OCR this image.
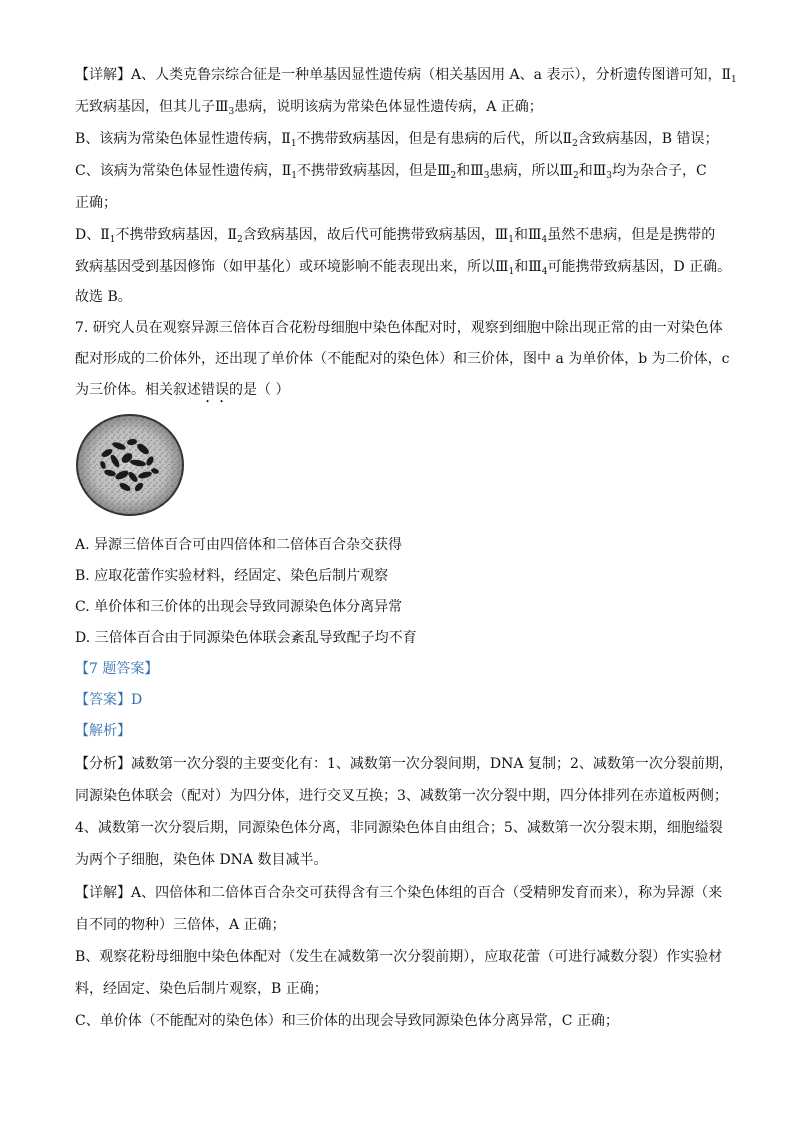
【详解】A、人类克鲁宗综合征是一种单基因显性遗传病（相关基因用 A、a 表示），分析遗传图谱可知，$Ⅱ_1$
无致病基因，但其儿子$Ⅲ_3$患病，说明该病为常染色体显性遗传病，A 正确；
B、该病为常染色体显性遗传病，$Ⅱ_1$不携带致病基因，但是有患病的后代，所以$Ⅱ_2$含致病基因，B 错误；
C、该病为常染色体显性遗传病，$Ⅱ_1$不携带致病基因，但是$Ⅲ_2$和$Ⅲ_3$患病，所以$Ⅲ_2$和$Ⅲ_3$均为杂合子，C
正确；
D、$Ⅱ_1$不携带致病基因，$Ⅱ_2$含致病基因，故后代可能携带致病基因，$Ⅲ_1$和$Ⅲ_4$虽然不患病，但是是携带的
致病基因受到基因修饰（如甲基化）或环境影响不能表现出来，所以$Ⅲ_1$和$Ⅲ_4$可能携带致病基因，D 正确。
故选 B。
7. 研究人员在观察异源三倍体百合花粉母细胞中染色体配对时，观察到细胞中除出现正常的由一对染色体
配对形成的二价体外，还出现了单价体（不能配对的染色体）和三价体，图中 a 为单价体，b 为二价体，c
为三价体。相关叙述错误的是（ ）
A. 异源三倍体百合可由四倍体和二倍体百合杂交获得
B. 应取花蕾作实验材料，经固定、染色后制片观察
C. 单价体和三价体的出现会导致同源染色体分离异常
D. 三倍体百合由于同源染色体联会紊乱导致配子均不育
【7 题答案】
【答案】D
【解析】
【分析】减数第一次分裂的主要变化有：1、减数第一次分裂间期，DNA 复制；2、减数第一次分裂前期，
同源染色体联会（配对）为四分体，进行交叉互换；3、减数第一次分裂中期，四分体排列在赤道板两侧；
4、减数第一次分裂后期，同源染色体分离，非同源染色体自由组合；5、减数第一次分裂末期，细胞缢裂
为两个子细胞，染色体 DNA 数目减半。
【详解】A、四倍体和二倍体百合杂交可获得含有三个染色体组的百合（受精卵发育而来），称为异源（来
自不同的物种）三倍体，A 正确；
B、观察花粉母细胞中染色体配对（发生在减数第一次分裂前期），应取花蕾（可进行减数分裂）作实验材
料，经固定、染色后制片观察，B 正确；
C、单价体（不能配对的染色体）和三价体的出现会导致同源染色体分离异常，C 正确；
